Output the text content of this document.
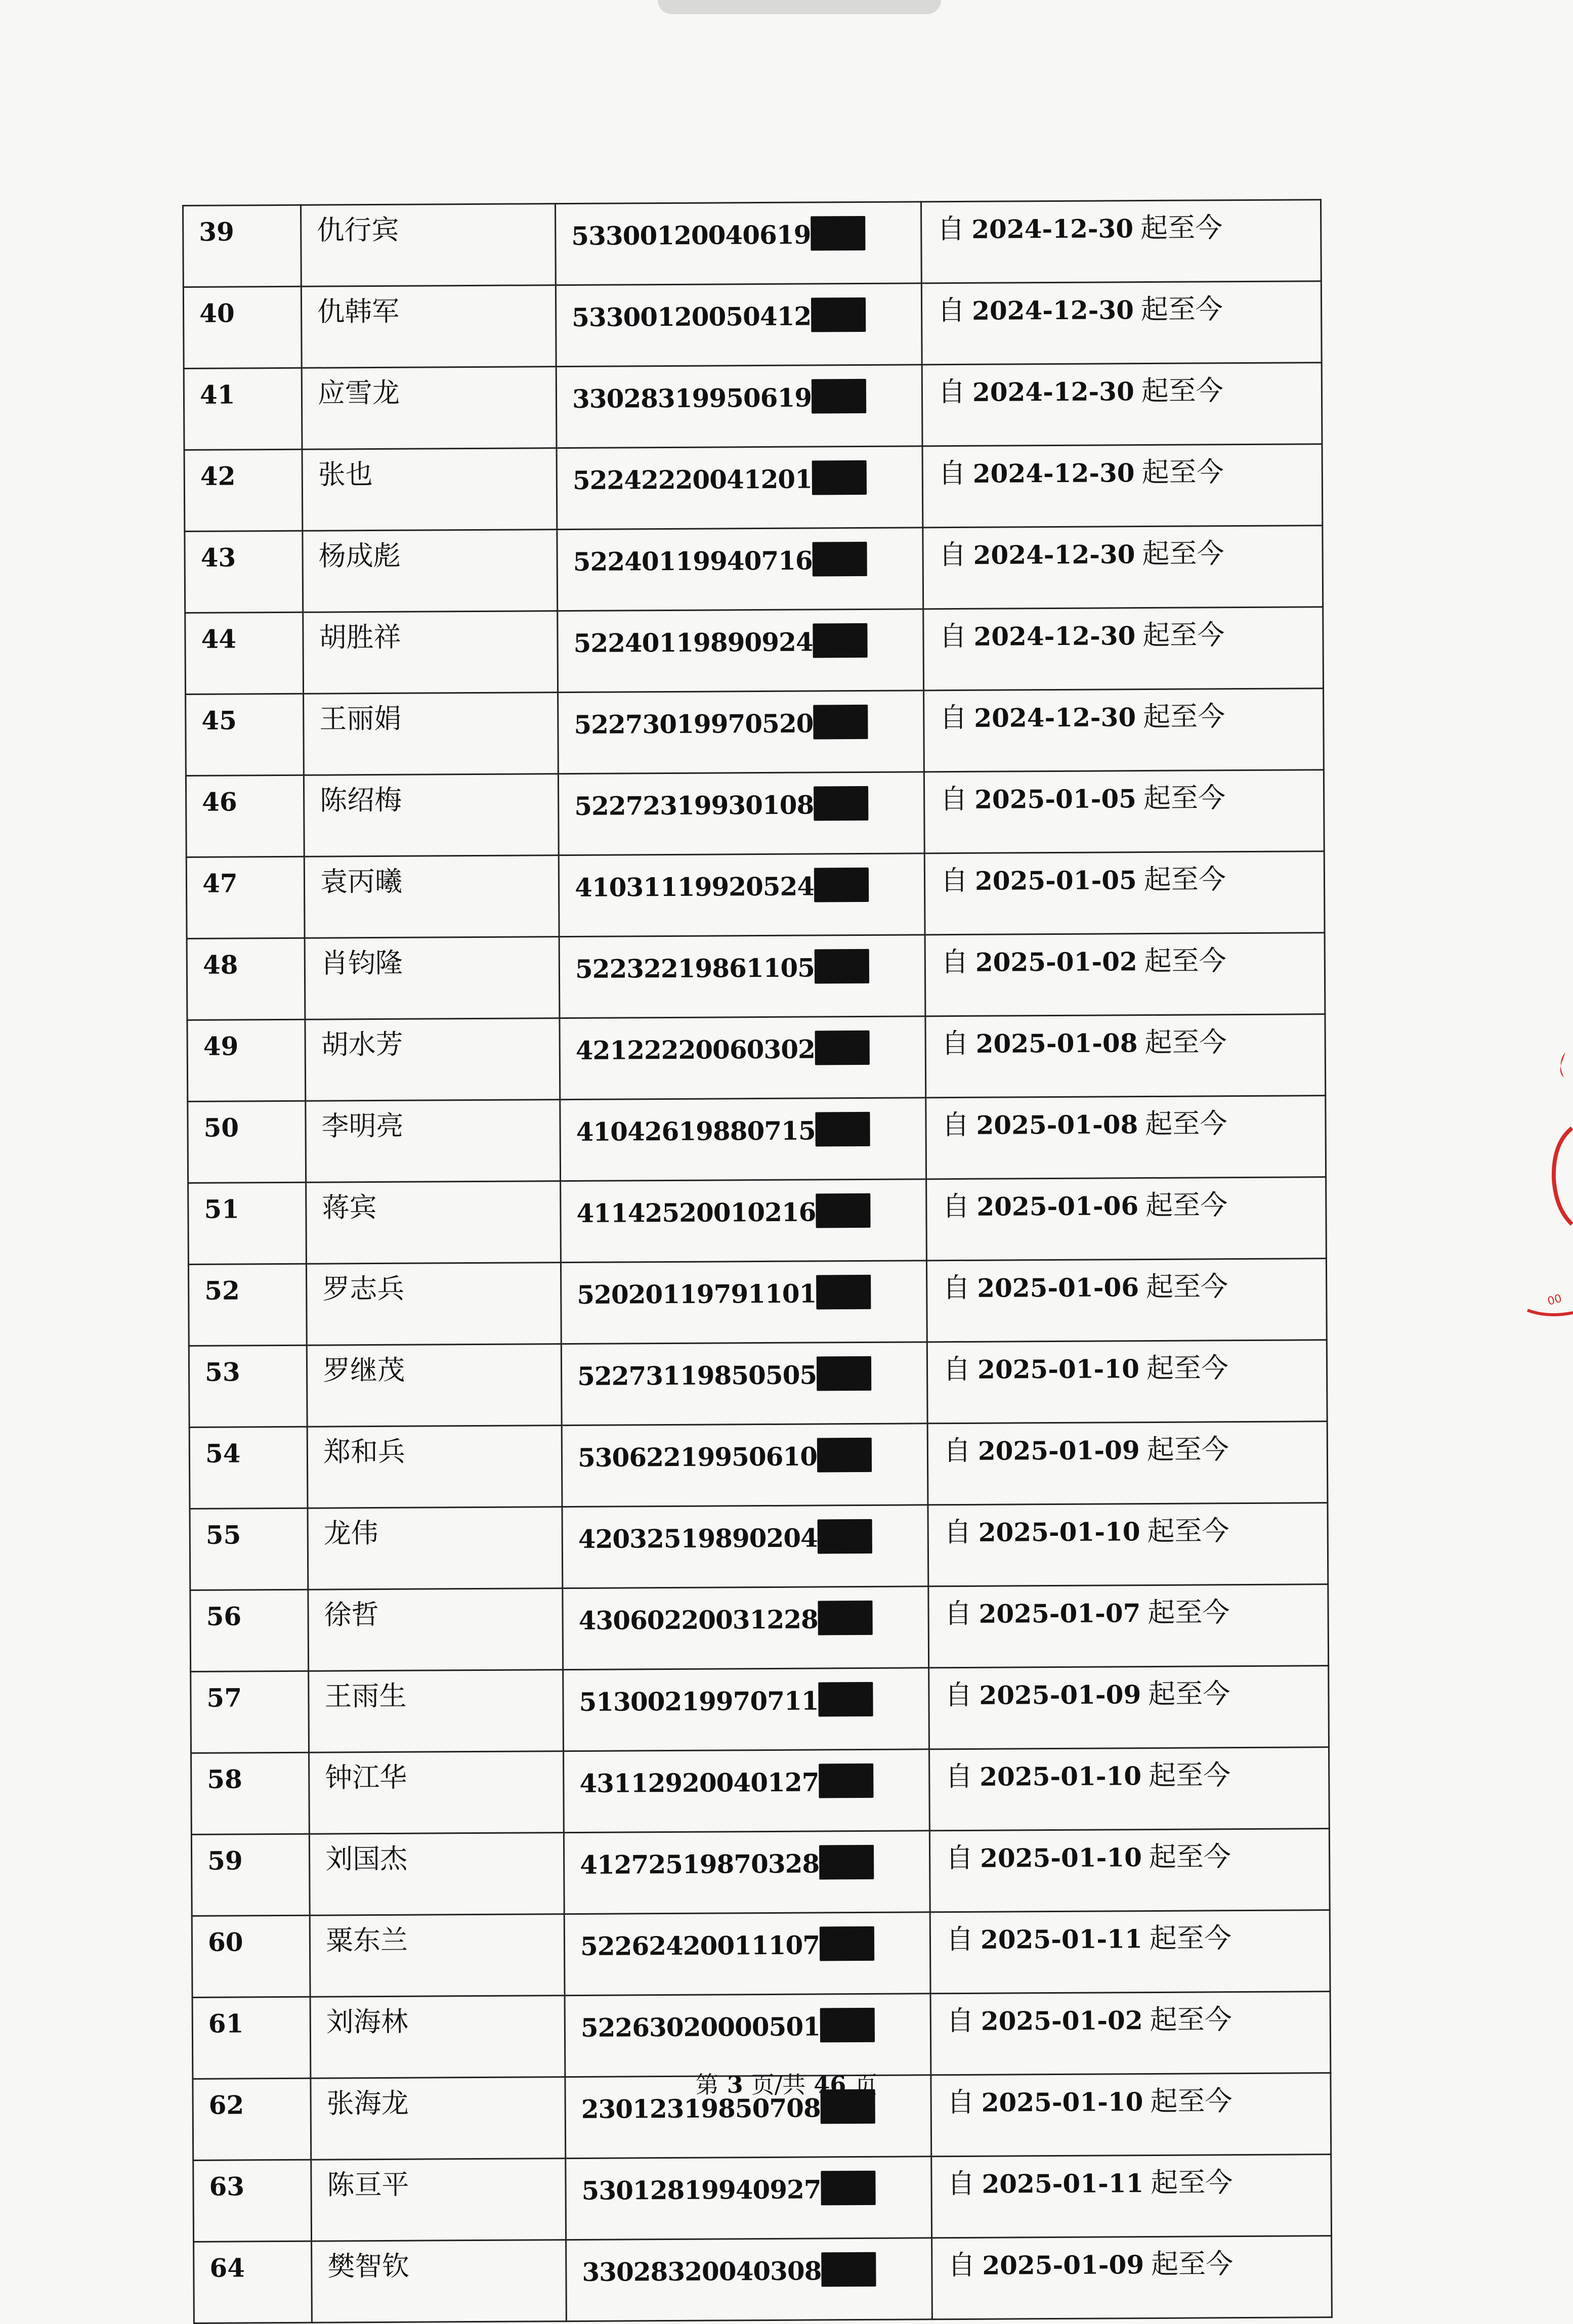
39	仇行宾	53300120040619	自 2024-12-30 起至今
40	仇韩军	53300120050412	自 2024-12-30 起至今
41	应雪龙	33028319950619	自 2024-12-30 起至今
42	张也	52242220041201	自 2024-12-30 起至今
43	杨成彪	52240119940716	自 2024-12-30 起至今
44	胡胜祥	52240119890924	自 2024-12-30 起至今
45	王丽娟	52273019970520	自 2024-12-30 起至今
46	陈绍梅	52272319930108	自 2025-01-05 起至今
47	袁丙曦	41031119920524	自 2025-01-05 起至今
48	肖钧隆	52232219861105	自 2025-01-02 起至今
49	胡水芳	42122220060302	自 2025-01-08 起至今
50	李明亮	41042619880715	自 2025-01-08 起至今
51	蒋宾	41142520010216	自 2025-01-06 起至今
52	罗志兵	52020119791101	自 2025-01-06 起至今
53	罗继茂	52273119850505	自 2025-01-10 起至今
54	郑和兵	53062219950610	自 2025-01-09 起至今
55	龙伟	42032519890204	自 2025-01-10 起至今
56	徐哲	43060220031228	自 2025-01-07 起至今
57	王雨生	51300219970711	自 2025-01-09 起至今
58	钟江华	43112920040127	自 2025-01-10 起至今
59	刘国杰	41272519870328	自 2025-01-10 起至今
60	粟东兰	52262420011107	自 2025-01-11 起至今
61	刘海林	52263020000501	自 2025-01-02 起至今
62	张海龙	23012319850708	自 2025-01-10 起至今
63	陈亘平	53012819940927	自 2025-01-11 起至今
64	樊智钦	33028320040308	自 2025-01-09 起至今
第 3 页/共 46 页
00
